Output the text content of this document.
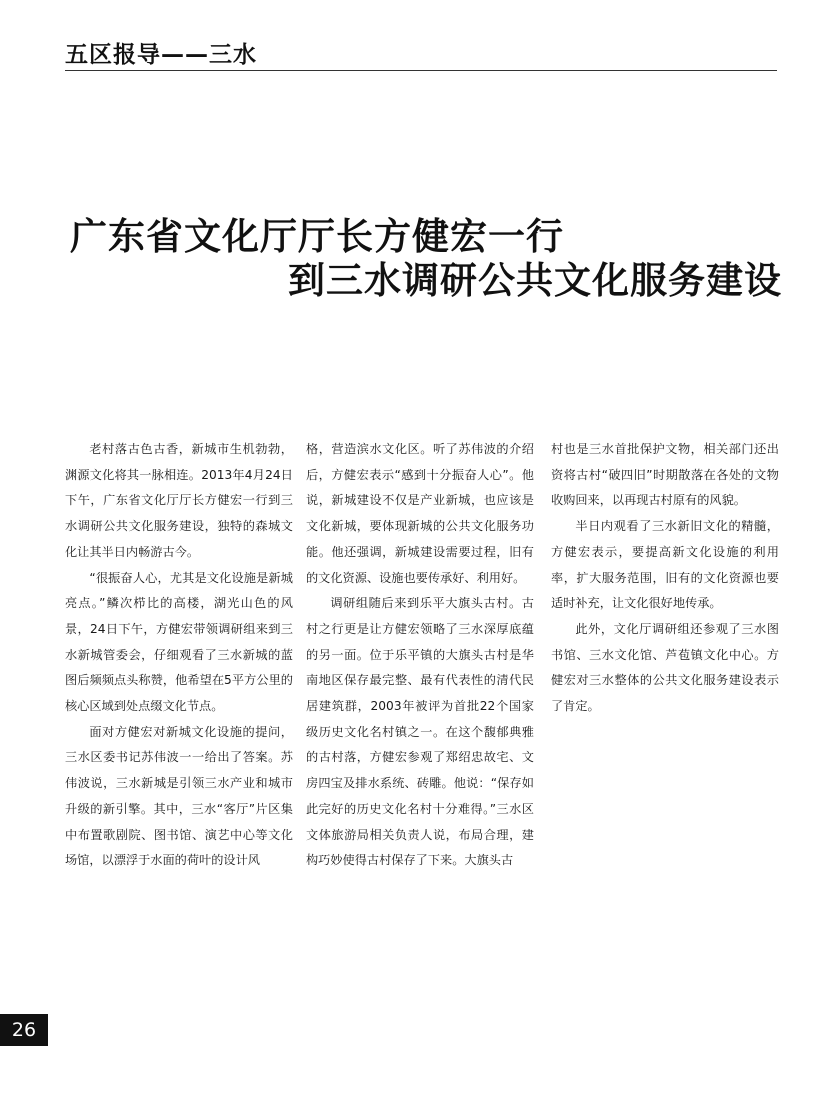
五区报导——三水
广东省文化厅厅长方健宏一行
到三水调研公共文化服务建设

老村落古色古香，新城市生机勃勃，渊源文化将其一脉相连。2013年4月24日下午，广东省文化厅厅长方健宏一行到三水调研公共文化服务建设，独特的森城文化让其半日内畅游古今。

“很振奋人心，尤其是文化设施是新城亮点。”鳞次栉比的高楼，湖光山色的风景，24日下午，方健宏带领调研组来到三水新城管委会，仔细观看了三水新城的蓝图后频频点头称赞，他希望在5平方公里的核心区域到处点缀文化节点。

面对方健宏对新城文化设施的提问，三水区委书记苏伟波一一给出了答案。苏伟波说，三水新城是引领三水产业和城市升级的新引擎。其中，三水“客厅”片区集中布置歌剧院、图书馆、演艺中心等文化场馆，以漂浮于水面的荷叶的设计风

格，营造滨水文化区。听了苏伟波的介绍后，方健宏表示“感到十分振奋人心”。他说，新城建设不仅是产业新城，也应该是文化新城，要体现新城的公共文化服务功能。他还强调，新城建设需要过程，旧有的文化资源、设施也要传承好、利用好。

调研组随后来到乐平大旗头古村。古村之行更是让方健宏领略了三水深厚底蕴的另一面。位于乐平镇的大旗头古村是华南地区保存最完整、最有代表性的清代民居建筑群，2003年被评为首批22个国家级历史文化名村镇之一。在这个馥郁典雅的古村落，方健宏参观了郑绍忠故宅、文房四宝及排水系统、砖雕。他说：“保存如此完好的历史文化名村十分难得。”三水区文体旅游局相关负责人说，布局合理，建构巧妙使得古村保存了下来。大旗头古

村也是三水首批保护文物，相关部门还出资将古村“破四旧”时期散落在各处的文物收购回来，以再现古村原有的风貌。

半日内观看了三水新旧文化的精髓，方健宏表示，要提高新文化设施的利用率，扩大服务范围，旧有的文化资源也要适时补充，让文化很好地传承。

此外，文化厅调研组还参观了三水图书馆、三水文化馆、芦苞镇文化中心。方健宏对三水整体的公共文化服务建设表示了肯定。

26
